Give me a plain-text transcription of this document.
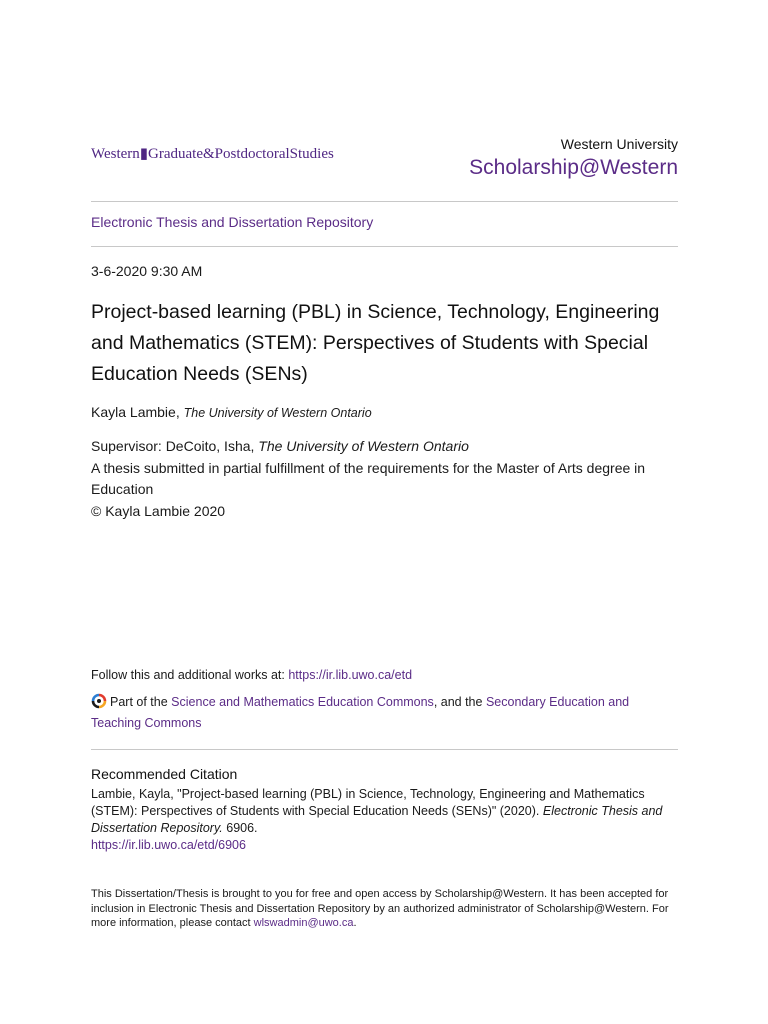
Western▮Graduate&PostdoctoralStudies
Western University
Scholarship@Western
Electronic Thesis and Dissertation Repository
3-6-2020 9:30 AM
Project-based learning (PBL) in Science, Technology, Engineering and Mathematics (STEM): Perspectives of Students with Special Education Needs (SENs)
Kayla Lambie, The University of Western Ontario
Supervisor: DeCoito, Isha, The University of Western Ontario
A thesis submitted in partial fulfillment of the requirements for the Master of Arts degree in Education
© Kayla Lambie 2020
Follow this and additional works at: https://ir.lib.uwo.ca/etd
Part of the Science and Mathematics Education Commons, and the Secondary Education and Teaching Commons
Recommended Citation
Lambie, Kayla, "Project-based learning (PBL) in Science, Technology, Engineering and Mathematics (STEM): Perspectives of Students with Special Education Needs (SENs)" (2020). Electronic Thesis and Dissertation Repository. 6906.
https://ir.lib.uwo.ca/etd/6906
This Dissertation/Thesis is brought to you for free and open access by Scholarship@Western. It has been accepted for inclusion in Electronic Thesis and Dissertation Repository by an authorized administrator of Scholarship@Western. For more information, please contact wlswadmin@uwo.ca.
